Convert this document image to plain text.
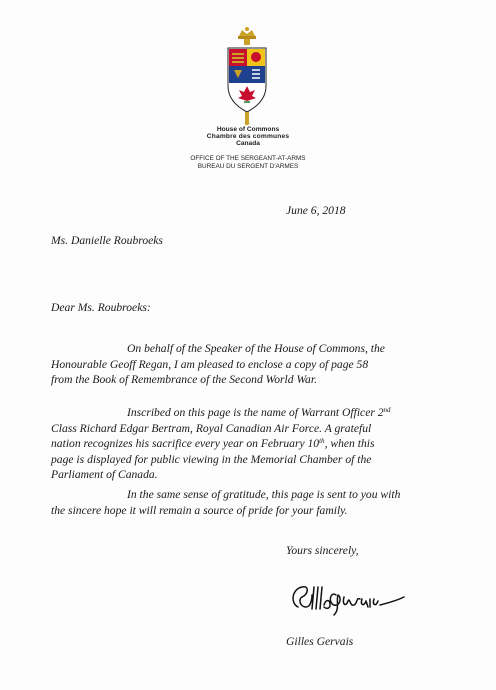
House of Commons
Chambre des communes
Canada
OFFICE OF THE SERGEANT-AT-ARMS
BUREAU DU SERGENT D'ARMES
June 6, 2018
Ms. Danielle Roubroeks
Dear Ms. Roubroeks:
On behalf of the Speaker of the House of Commons, the
Honourable Geoff Regan, I am pleased to enclose a copy of page 58
from the Book of Remembrance of the Second World War.
Inscribed on this page is the name of Warrant Officer 2nd
Class Richard Edgar Bertram, Royal Canadian Air Force. A grateful
nation recognizes his sacrifice every year on February 10th, when this
page is displayed for public viewing in the Memorial Chamber of the
Parliament of Canada.
In the same sense of gratitude, this page is sent to you with
the sincere hope it will remain a source of pride for your family.
Yours sincerely,
Gilles Gervais
